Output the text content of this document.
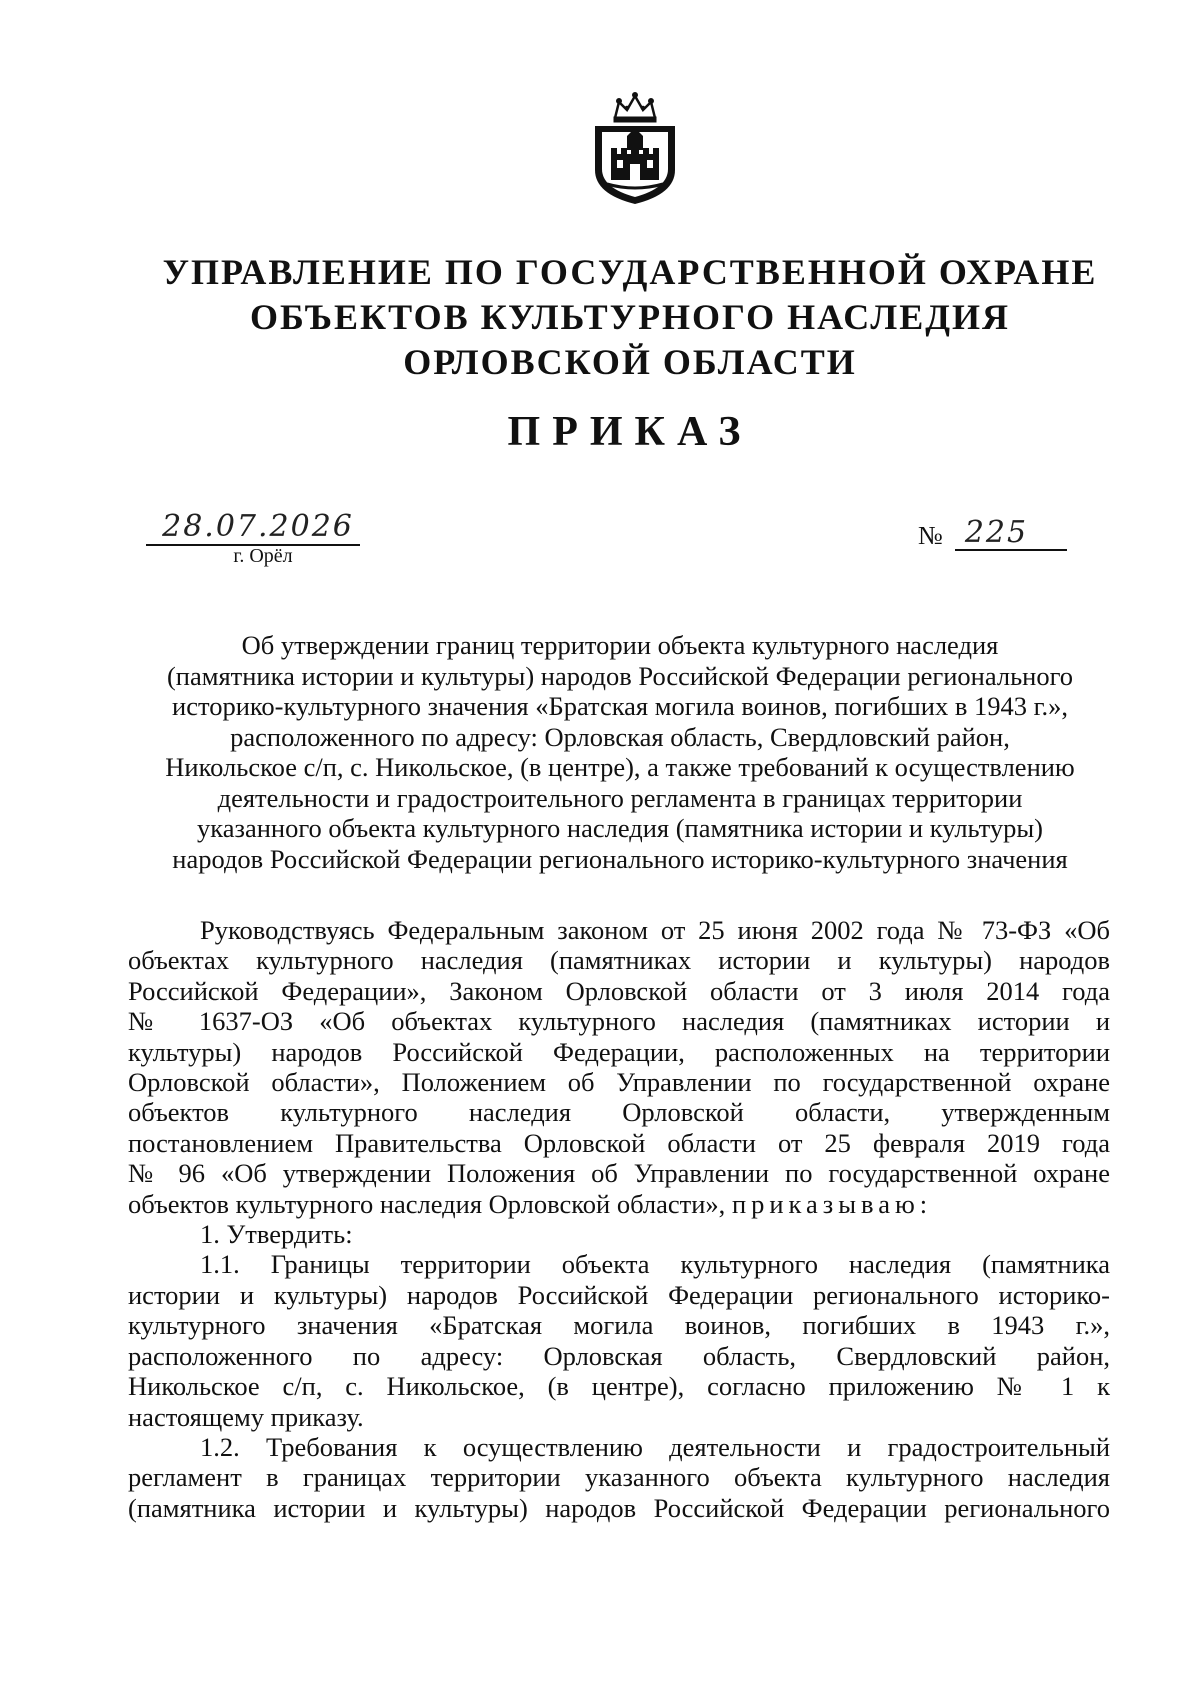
УПРАВЛЕНИЕ ПО ГОСУДАРСТВЕННОЙ ОХРАНЕ
ОБЪЕКТОВ КУЛЬТУРНОГО НАСЛЕДИЯ
ОРЛОВСКОЙ ОБЛАСТИ
ПРИКАЗ
28.07.2026
г. Орёл
№ 225
Об утверждении границ территории объекта культурного наследия
(памятника истории и культуры) народов Российской Федерации регионального
историко-культурного значения «Братская могила воинов, погибших в 1943 г.»,
расположенного по адресу: Орловская область, Свердловский район,
Никольское с/п, с. Никольское, (в центре), а также требований к осуществлению
деятельности и градостроительного регламента в границах территории
указанного объекта культурного наследия (памятника истории и культуры)
народов Российской Федерации регионального историко-культурного значения
Руководствуясь Федеральным законом от 25 июня 2002 года № 73-ФЗ «Об
объектах культурного наследия (памятниках истории и культуры) народов
Российской Федерации», Законом Орловской области от 3 июля 2014 года
№ 1637-ОЗ «Об объектах культурного наследия (памятниках истории и
культуры) народов Российской Федерации, расположенных на территории
Орловской области», Положением об Управлении по государственной охране
объектов культурного наследия Орловской области, утвержденным
постановлением Правительства Орловской области от 25 февраля 2019 года
№ 96 «Об утверждении Положения об Управлении по государственной охране
объектов культурного наследия Орловской области», приказываю:
1. Утвердить:
1.1. Границы территории объекта культурного наследия (памятника
истории и культуры) народов Российской Федерации регионального историко-
культурного значения «Братская могила воинов, погибших в 1943 г.»,
расположенного по адресу: Орловская область, Свердловский район,
Никольское с/п, с. Никольское, (в центре), согласно приложению № 1 к
настоящему приказу.
1.2. Требования к осуществлению деятельности и градостроительный
регламент в границах территории указанного объекта культурного наследия
(памятника истории и культуры) народов Российской Федерации регионального
